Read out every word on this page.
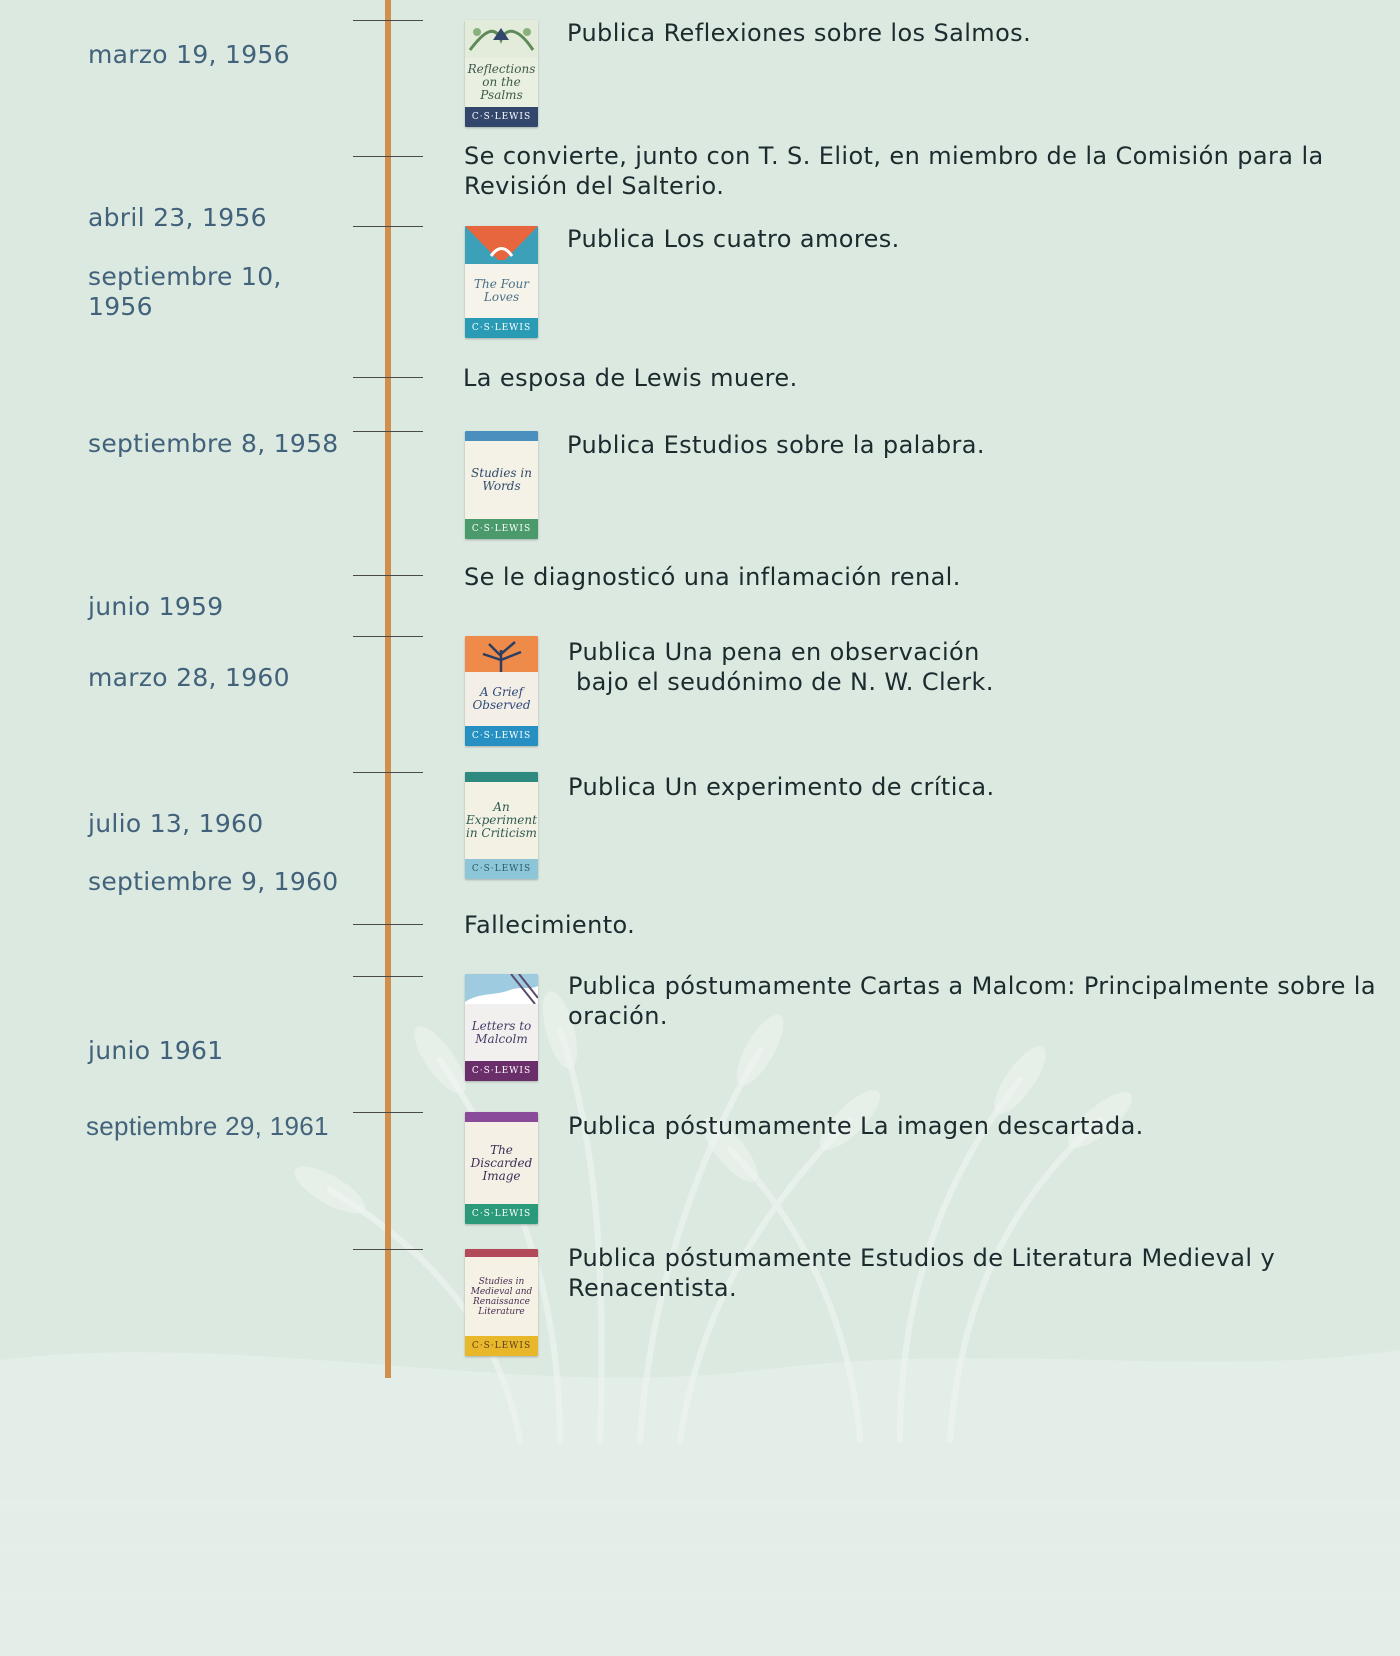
marzo 19, 1956
abril 23, 1956
septiembre 10, 1956
septiembre 8, 1958
junio 1959
marzo 28, 1960
julio 13, 1960
septiembre 9, 1960
junio 1961
septiembre 29, 1961
Publica Reflexiones sobre los Salmos.
Se convierte, junto con T. S. Eliot, en miembro de la Comisión para la Revisión del Salterio.
Publica Los cuatro amores.
La esposa de Lewis muere.
Publica Estudios sobre la palabra.
Se le diagnosticó una inflamación renal.
Publica Una pena en observación
bajo el seudónimo de N. W. Clerk.
Publica Un experimento de crítica.
Fallecimiento.
Publica póstumamente Cartas a Malcom: Principalmente sobre la oración.
Publica póstumamente La imagen descartada.
Publica póstumamente Estudios de Literatura Medieval y Renacentista.
Reflections on the Psalms
C·S·LEWIS
The Four Loves
C·S·LEWIS
Studies in Words
C·S·LEWIS
A Grief Observed
C·S·LEWIS
An Experiment in Criticism
C·S·LEWIS
Letters to Malcolm
C·S·LEWIS
The Discarded Image
C·S·LEWIS
Studies in Medieval and Renaissance Literature
C·S·LEWIS
